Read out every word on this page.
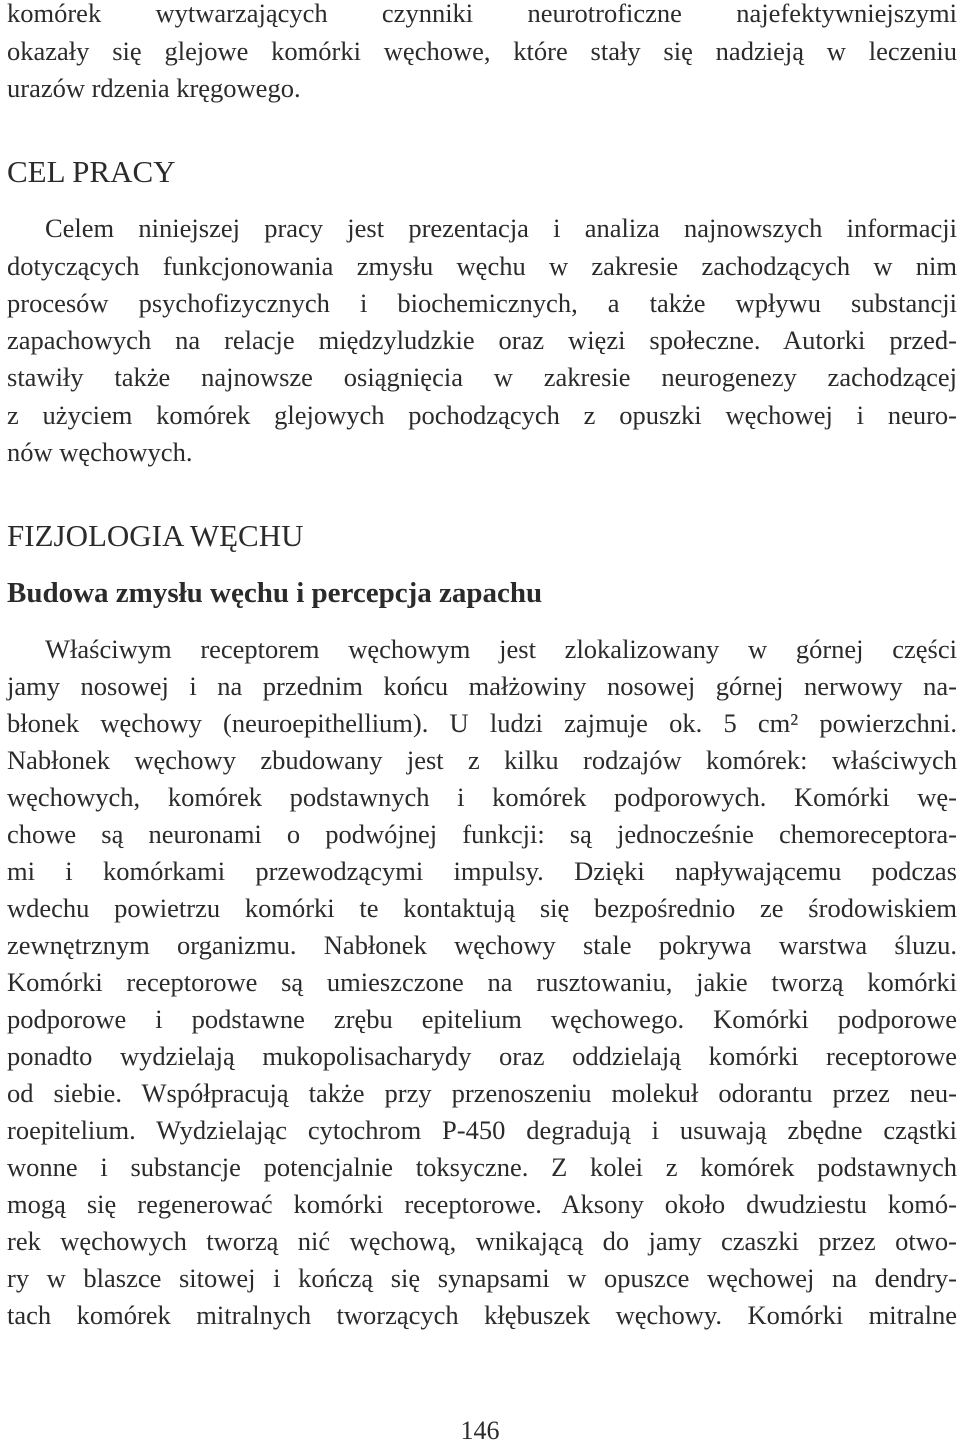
komórek wytwarzających czynniki neurotroficzne najefektywniejszymi
okazały się glejowe komórki węchowe, które stały się nadzieją w leczeniu
urazów rdzenia kręgowego.
CEL PRACY
Celem niniejszej pracy jest prezentacja i analiza najnowszych informacji
dotyczących funkcjonowania zmysłu węchu w zakresie zachodzących w nim
procesów psychofizycznych i biochemicznych, a także wpływu substancji
zapachowych na relacje międzyludzkie oraz więzi społeczne. Autorki przed-
stawiły także najnowsze osiągnięcia w zakresie neurogenezy zachodzącej
z użyciem komórek glejowych pochodzących z opuszki węchowej i neuro-
nów węchowych.
FIZJOLOGIA WĘCHU
Budowa zmysłu węchu i percepcja zapachu
Właściwym receptorem węchowym jest zlokalizowany w górnej części
jamy nosowej i na przednim końcu małżowiny nosowej górnej nerwowy na-
błonek węchowy (neuroepithellium). U ludzi zajmuje ok. 5 cm² powierzchni.
Nabłonek węchowy zbudowany jest z kilku rodzajów komórek: właściwych
węchowych, komórek podstawnych i komórek podporowych. Komórki wę-
chowe są neuronami o podwójnej funkcji: są jednocześnie chemoreceptora-
mi i komórkami przewodzącymi impulsy. Dzięki napływającemu podczas
wdechu powietrzu komórki te kontaktują się bezpośrednio ze środowiskiem
zewnętrznym organizmu. Nabłonek węchowy stale pokrywa warstwa śluzu.
Komórki receptorowe są umieszczone na rusztowaniu, jakie tworzą komórki
podporowe i podstawne zrębu epitelium węchowego. Komórki podporowe
ponadto wydzielają mukopolisacharydy oraz oddzielają komórki receptorowe
od siebie. Współpracują także przy przenoszeniu molekuł odorantu przez neu-
roepitelium. Wydzielając cytochrom P-450 degradują i usuwają zbędne cząstki
wonne i substancje potencjalnie toksyczne. Z kolei z komórek podstawnych
mogą się regenerować komórki receptorowe. Aksony około dwudziestu komó-
rek węchowych tworzą nić węchową, wnikającą do jamy czaszki przez otwo-
ry w blaszce sitowej i kończą się synapsami w opuszce węchowej na dendry-
tach komórek mitralnych tworzących kłębuszek węchowy. Komórki mitralne
146
